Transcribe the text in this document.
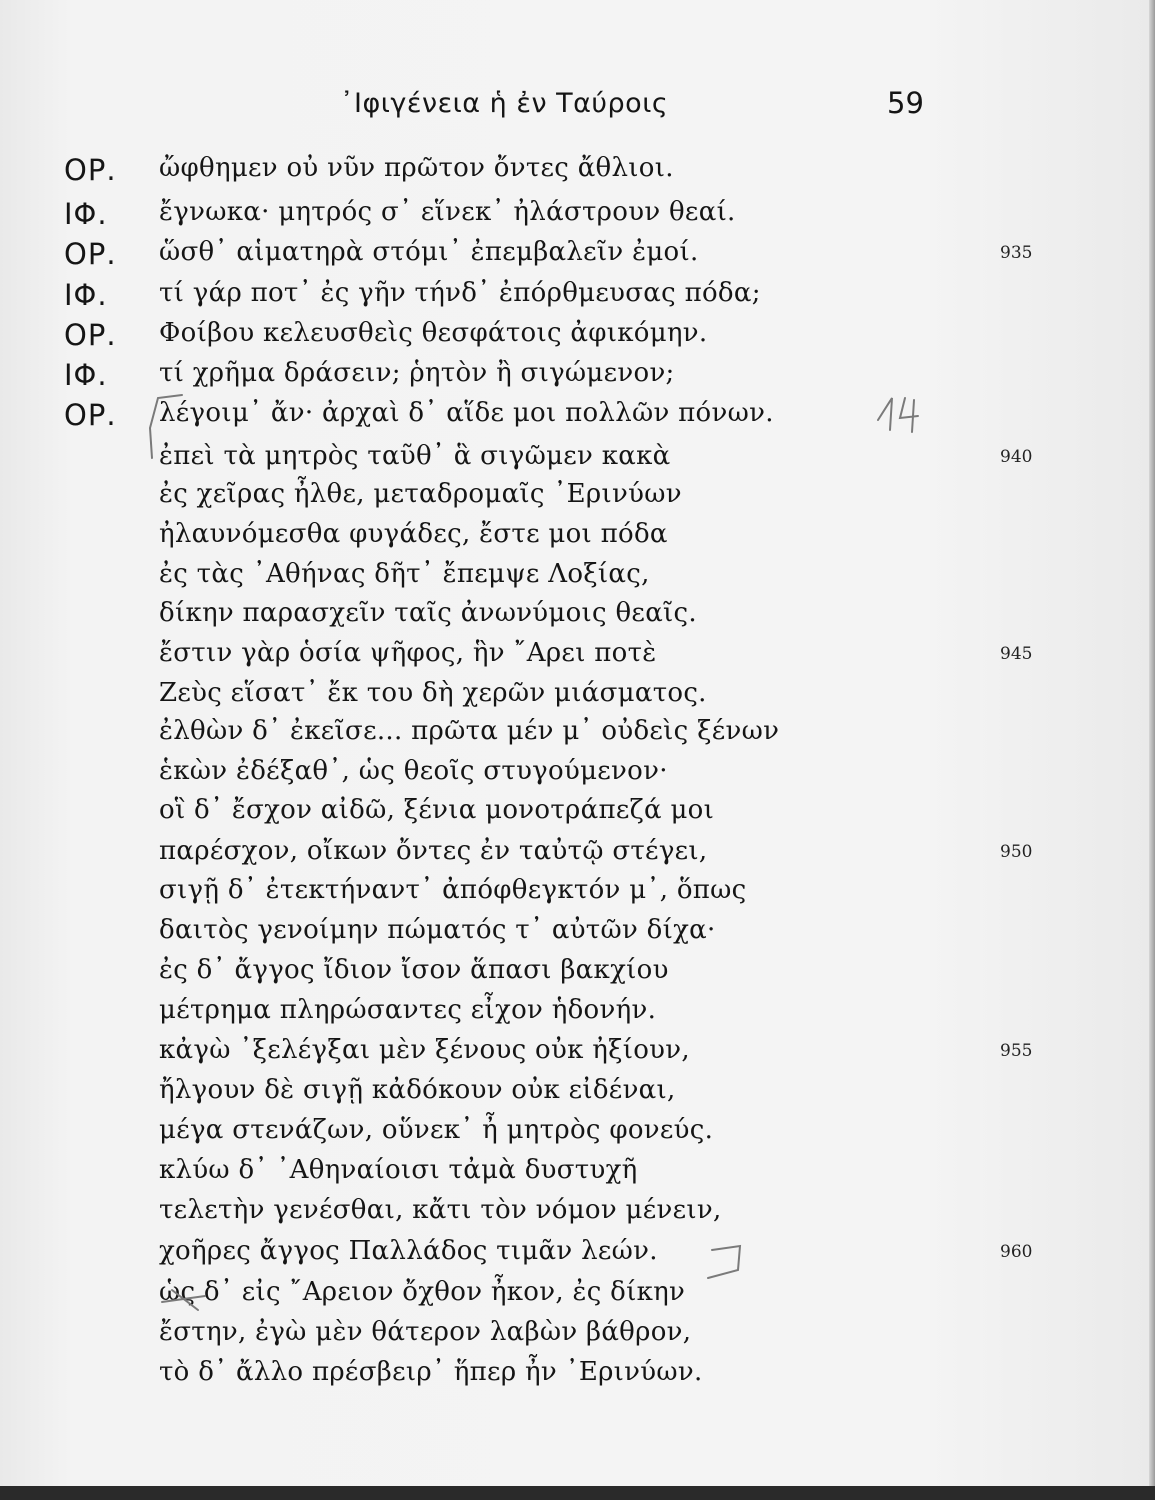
᾽Ιφιγένεια ἡ ἐν Ταύροις	59
ΟΡ. ὤφθημεν οὐ νῦν πρῶτον ὄντες ἄθλιοι.
ΙΦ. ἔγνωκα· μητρός σ᾽ εἵνεκ᾽ ἠλάστρουν θεαί.
ΟΡ. ὥσθ᾽ αἱματηρὰ στόμι᾽ ἐπεμβαλεῖν ἐμοί.	935
ΙΦ. τί γάρ ποτ᾽ ἐς γῆν τήνδ᾽ ἐπόρθμευσας πόδα;
ΟΡ. Φοίβου κελευσθεὶς θεσφάτοις ἀφικόμην.
ΙΦ. τί χρῆμα δράσειν; ῥητὸν ἢ σιγώμενον;
ΟΡ. λέγοιμ᾽ ἄν· ἀρχαὶ δ᾽ αἵδε μοι πολλῶν πόνων.
ἐπεὶ τὰ μητρὸς ταῦθ᾽ ἃ σιγῶμεν κακὰ	940
ἐς χεῖρας ἦλθε, μεταδρομαῖς ᾽Ερινύων
ἠλαυνόμεσθα φυγάδες, ἔστε μοι πόδα
ἐς τὰς ᾽Αθήνας δῆτ᾽ ἔπεμψε Λοξίας,
δίκην παρασχεῖν ταῖς ἀνωνύμοις θεαῖς.
ἔστιν γὰρ ὁσία ψῆφος, ἣν ῎Αρει ποτὲ	945
Ζεὺς εἵσατ᾽ ἔκ του δὴ χερῶν μιάσματος.
ἐλθὼν δ᾽ ἐκεῖσε... πρῶτα μέν μ᾽ οὐδεὶς ξένων
ἑκὼν ἐδέξαθ᾽, ὡς θεοῖς στυγούμενον·
οἳ δ᾽ ἔσχον αἰδῶ, ξένια μονοτράπεζά μοι
παρέσχον, οἴκων ὄντες ἐν ταὐτῷ στέγει,	950
σιγῇ δ᾽ ἐτεκτήναντ᾽ ἀπόφθεγκτόν μ᾽, ὅπως
δαιτὸς γενοίμην πώματός τ᾽ αὐτῶν δίχα·
ἐς δ᾽ ἄγγος ἴδιον ἴσον ἅπασι βακχίου
μέτρημα πληρώσαντες εἶχον ἡδονήν.
κἀγὼ ᾽ξελέγξαι μὲν ξένους οὐκ ἠξίουν,	955
ἤλγουν δὲ σιγῇ κἀδόκουν οὐκ εἰδέναι,
μέγα στενάζων, οὕνεκ᾽ ἦ μητρὸς φονεύς.
κλύω δ᾽ ᾽Αθηναίοισι τἀμὰ δυστυχῆ
τελετὴν γενέσθαι, κἄτι τὸν νόμον μένειν,
χοῆρες ἄγγος Παλλάδος τιμᾶν λεών.	960
ὡς δ᾽ εἰς ῎Αρειον ὄχθον ἦκον, ἐς δίκην
ἔστην, ἐγὼ μὲν θάτερον λαβὼν βάθρον,
τὸ δ᾽ ἄλλο πρέσβειρ᾽ ἥπερ ἦν ᾽Ερινύων.
